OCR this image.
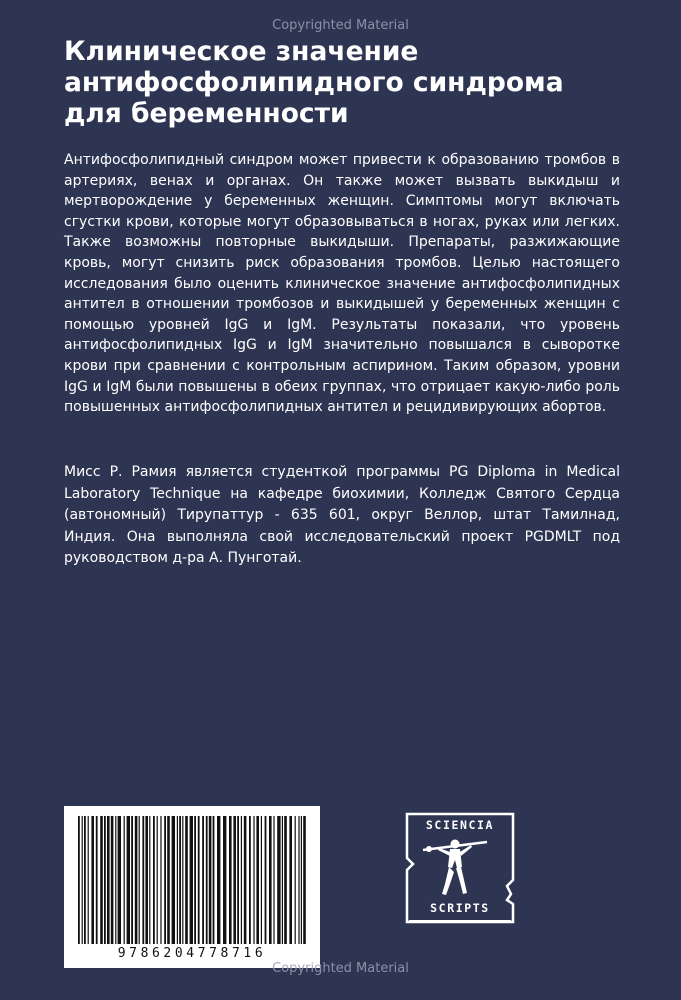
Copyrighted Material
Клиническое значение антифосфолипидного синдрома для беременности

Антифосфолипидный синдром может привести к образованию тромбов в артериях, венах и органах. Он также может вызвать выкидыш и мертворождение у беременных женщин. Симптомы могут включать сгустки крови, которые могут образовываться в ногах, руках или легких. Также возможны повторные выкидыши. Препараты, разжижающие кровь, могут снизить риск образования тромбов. Целью настоящего исследования было оценить клиническое значение антифосфолипидных антител в отношении тромбозов и выкидышей у беременных женщин с помощью уровней IgG и IgM. Результаты показали, что уровень антифосфолипидных IgG и IgM значительно повышался в сыворотке крови при сравнении с контрольным аспирином. Таким образом, уровни IgG и IgM были повышены в обеих группах, что отрицает какую-либо роль повышенных антифосфолипидных антител и рецидивирующих абортов.

Мисс Р. Рамия является студенткой программы PG Diploma in Medical Laboratory Technique на кафедре биохимии, Колледж Святого Сердца (автономный) Тирупаттур - 635 601, округ Веллор, штат Тамилнад, Индия. Она выполняла свой исследовательский проект PGDMLT под руководством д-ра А. Пунготай.

9786204778716
SCIENCIA
SCRIPTS
Copyrighted Material
